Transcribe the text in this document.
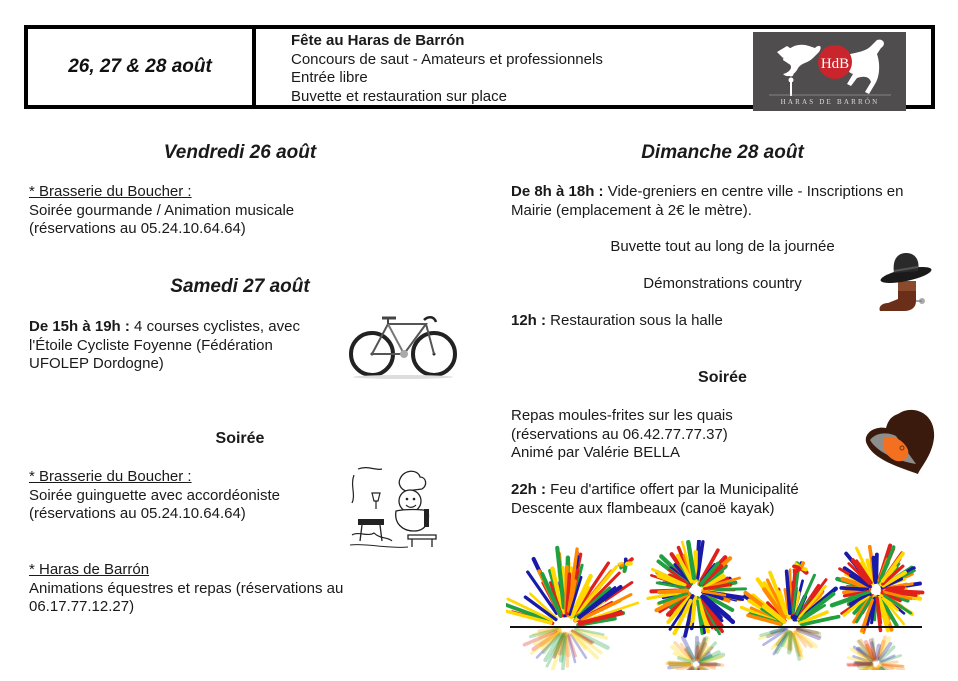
26, 27 & 28 août
Fête au Haras de Barrón
Concours de saut - Amateurs et professionnels
Entrée libre
Buvette et restauration sur place
HdB
HARAS DE BARRÓN
Vendredi 26 août
* Brasserie du Boucher :
Soirée gourmande / Animation musicale
(réservations au 05.24.10.64.64)
Samedi 27 août
De 15h à 19h : 4 courses cyclistes, avec
l'Étoile Cycliste Foyenne (Fédération
UFOLEP Dordogne)
Soirée
* Brasserie du Boucher :
Soirée guinguette avec accordéoniste
(réservations au 05.24.10.64.64)
* Haras de Barrón
Animations équestres et repas (réservations au
06.17.77.12.27)
Dimanche 28 août
De 8h à 18h : Vide-greniers en centre ville - Inscriptions en
Mairie (emplacement à 2€ le mètre).
Buvette tout au long de la journée
Démonstrations country
12h : Restauration sous la halle
Soirée
Repas moules-frites sur les quais
(réservations au 06.42.77.77.37)
Animé par Valérie BELLA
22h : Feu d'artifice offert par la Municipalité
Descente aux flambeaux (canoë kayak)
